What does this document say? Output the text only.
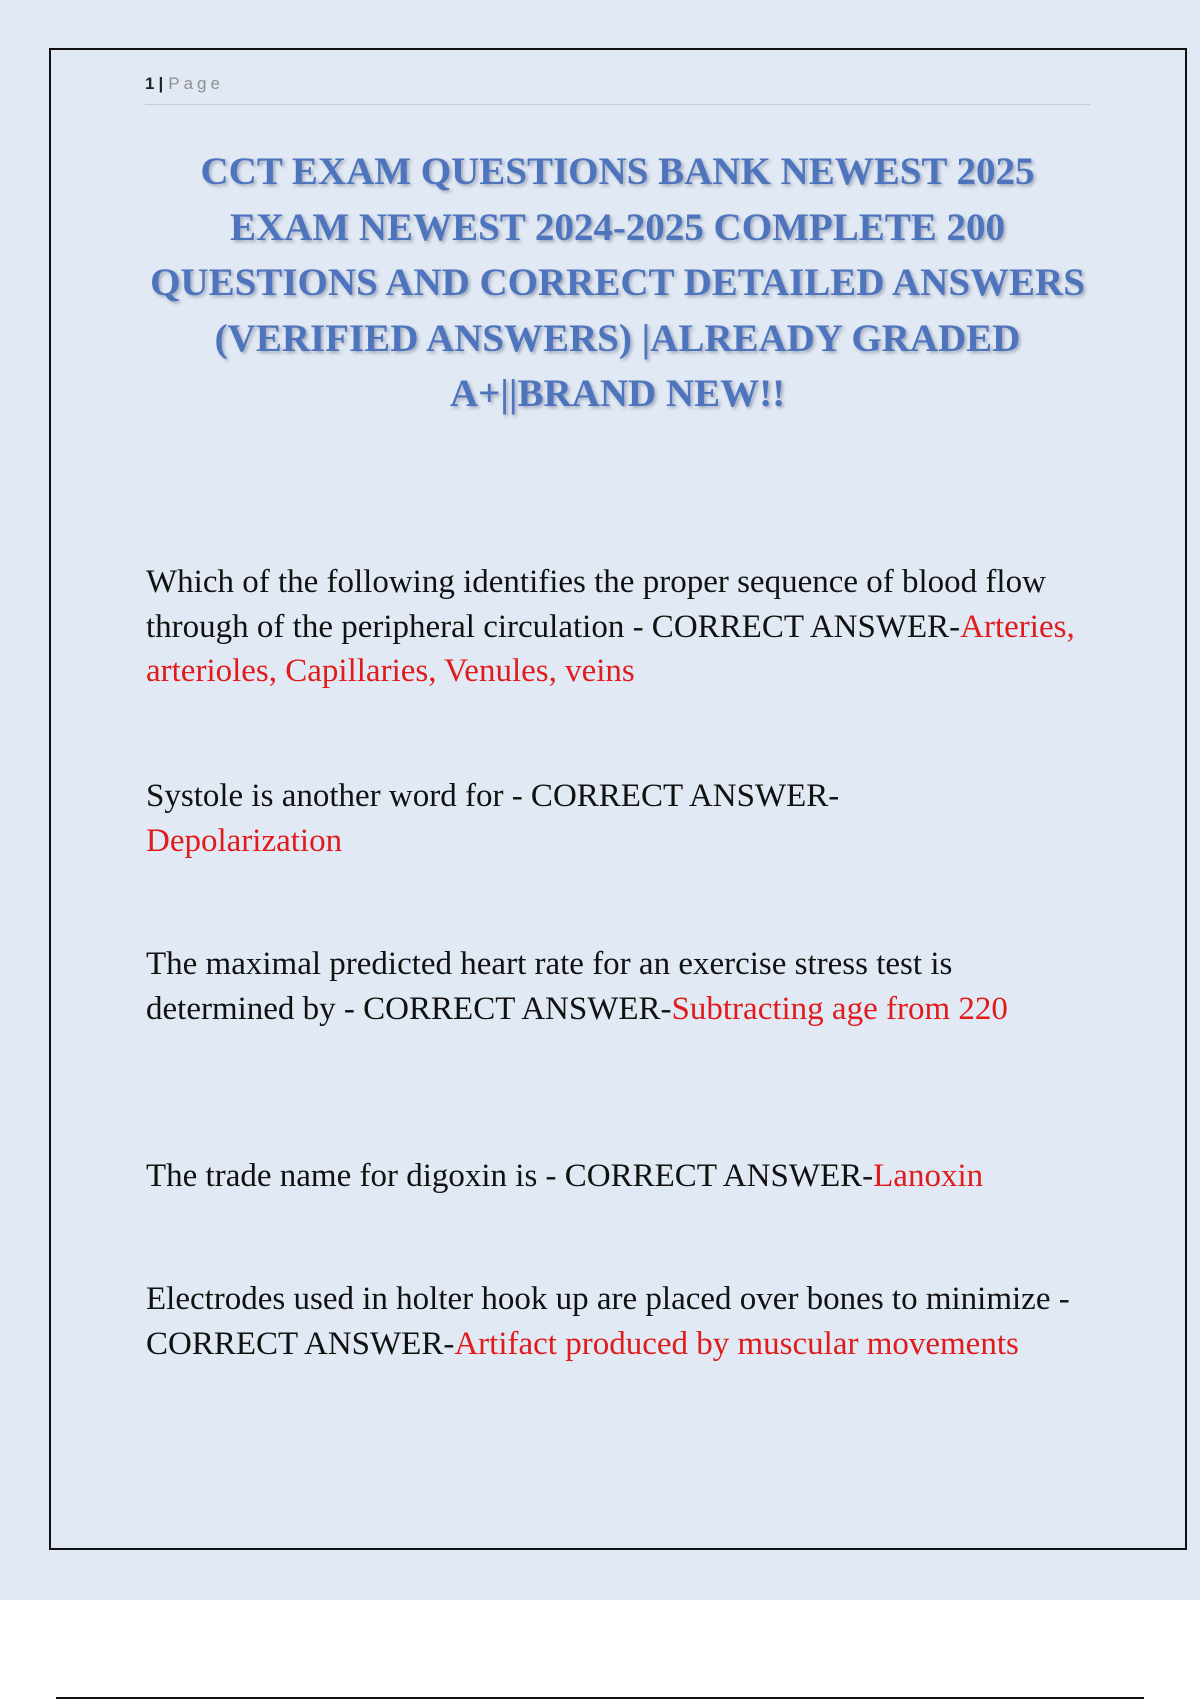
1 | Page
CCT EXAM QUESTIONS BANK NEWEST 2025 EXAM NEWEST 2024-2025 COMPLETE 200 QUESTIONS AND CORRECT DETAILED ANSWERS (VERIFIED ANSWERS) |ALREADY GRADED A+||BRAND NEW!!

Which of the following identifies the proper sequence of blood flow through of the peripheral circulation - CORRECT ANSWER-Arteries, arterioles, Capillaries, Venules, veins

Systole is another word for - CORRECT ANSWER-
Depolarization

The maximal predicted heart rate for an exercise stress test is determined by - CORRECT ANSWER-Subtracting age from 220

The trade name for digoxin is - CORRECT ANSWER-Lanoxin

Electrodes used in holter hook up are placed over bones to minimize - CORRECT ANSWER-Artifact produced by muscular movements
